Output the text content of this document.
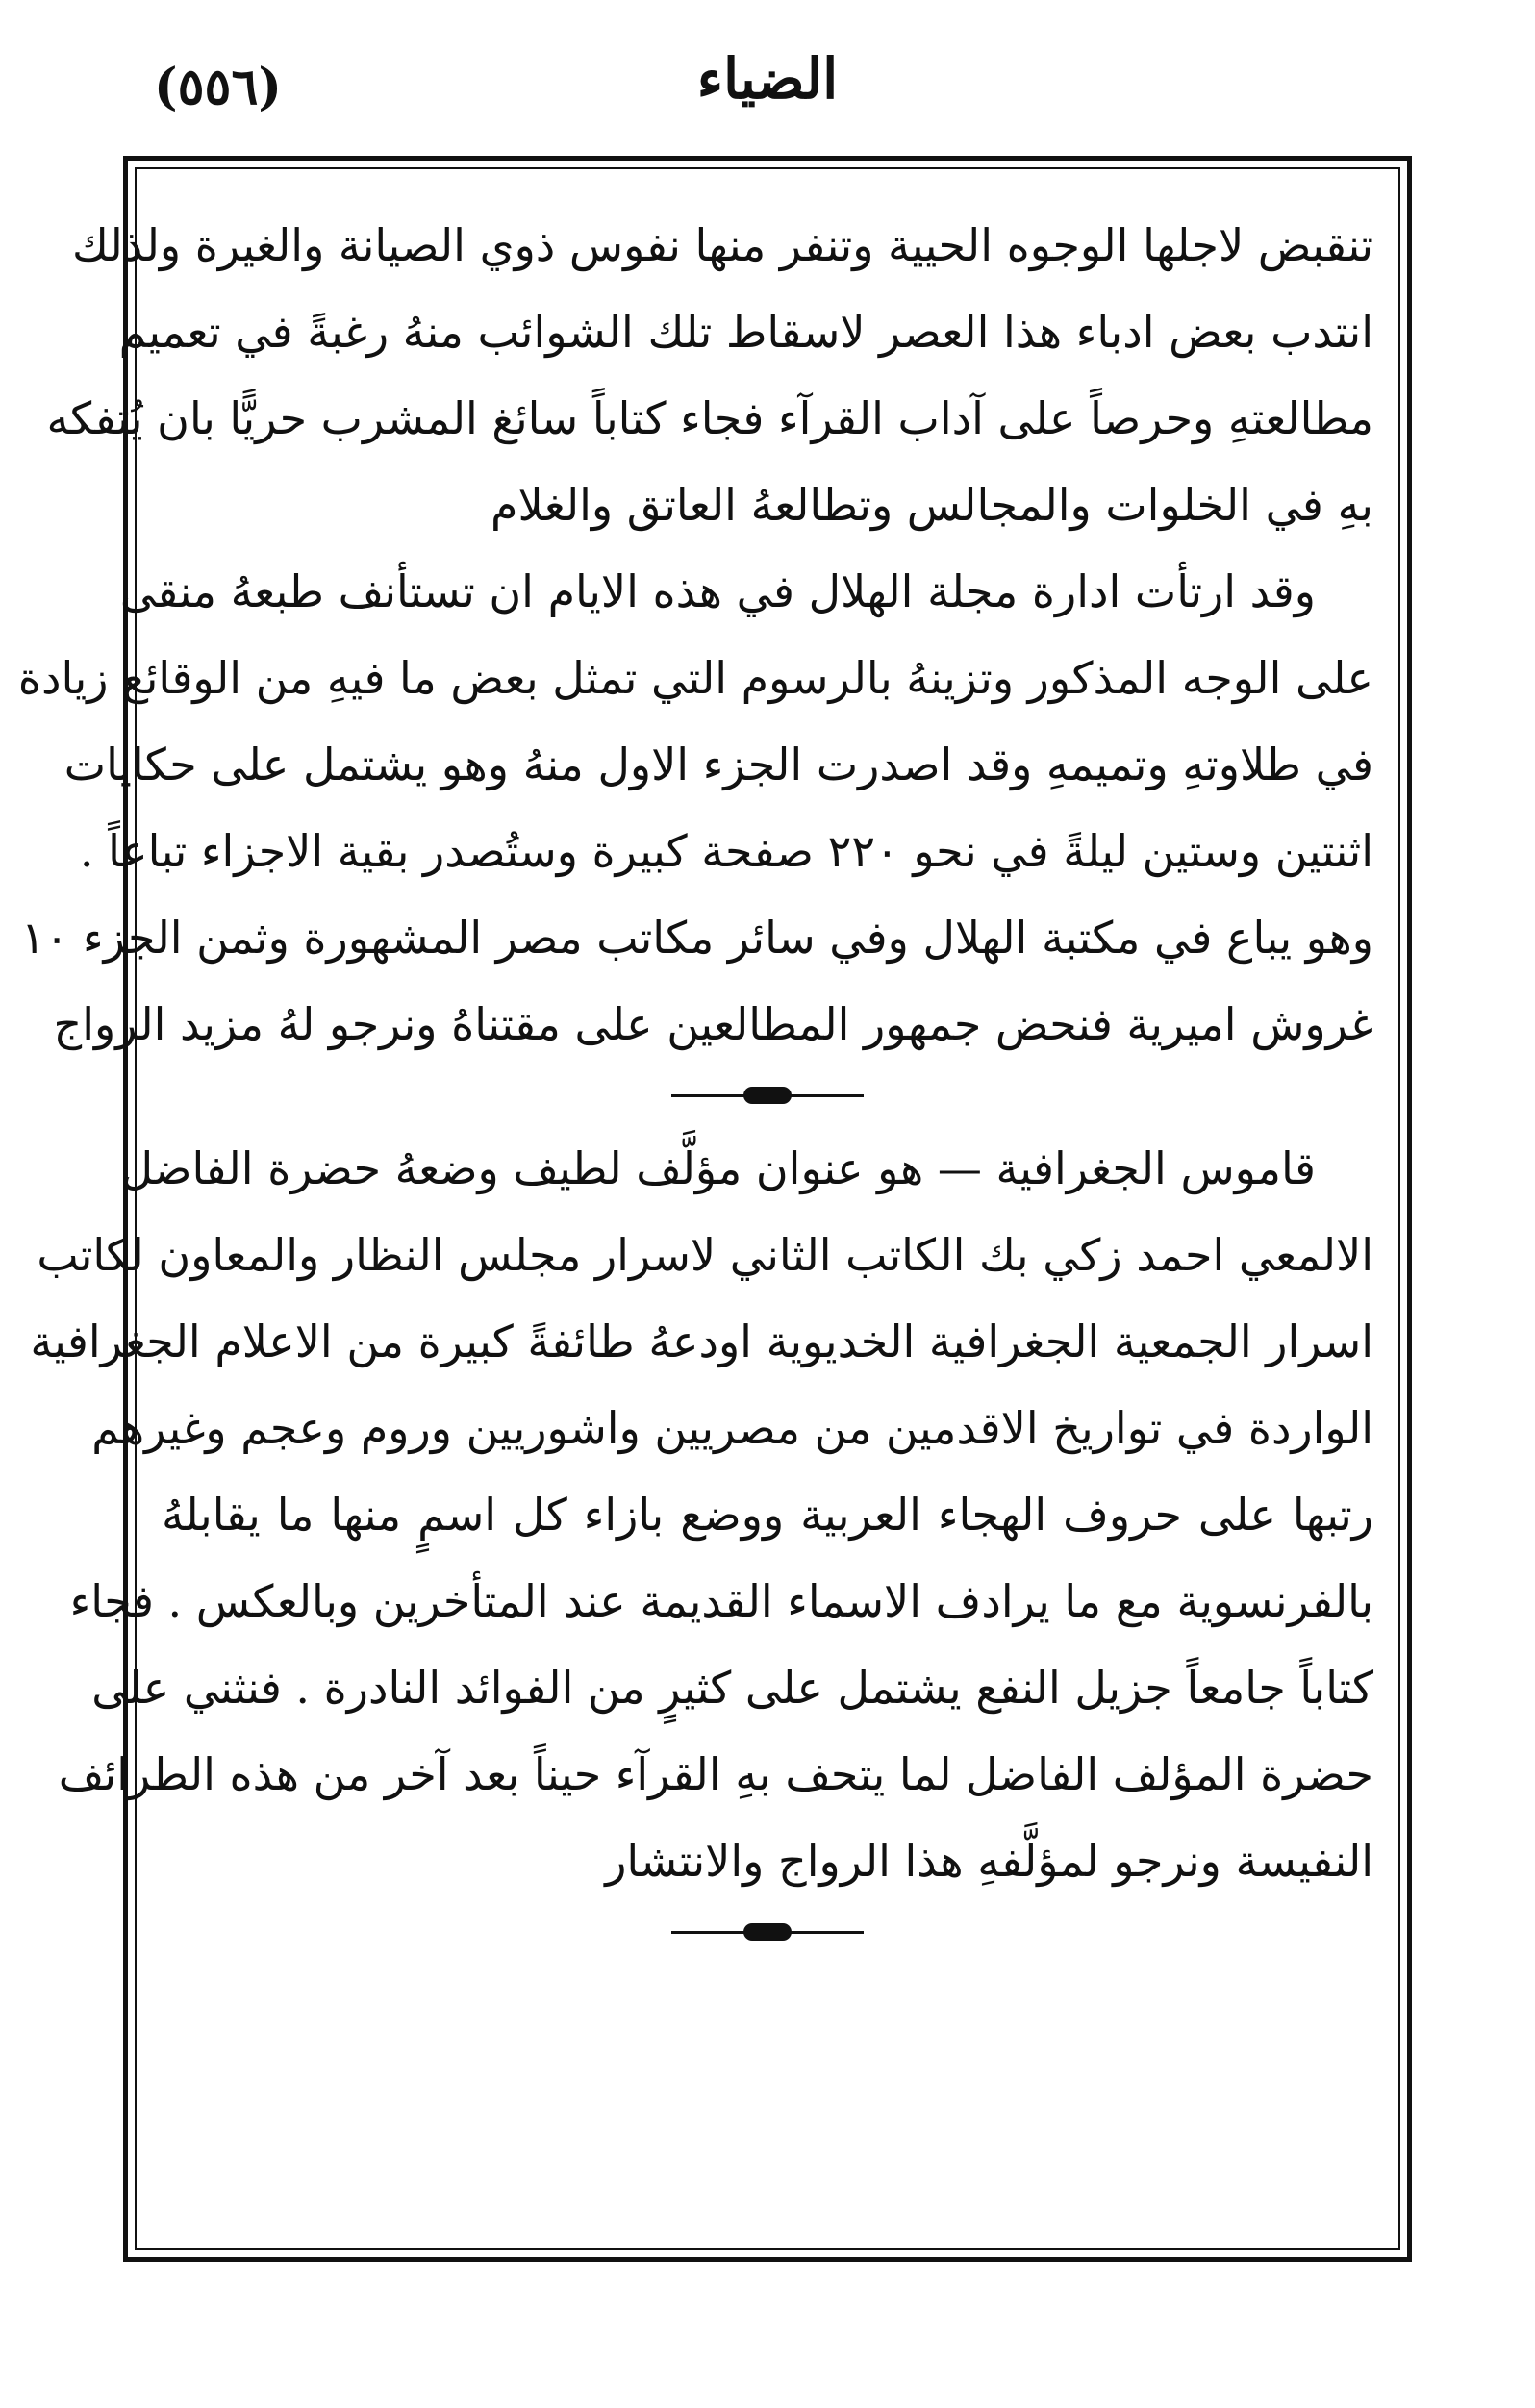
(٥٥٦)	الضياء
تنقبض لاجلها الوجوه الحيية وتنفر منها نفوس ذوي الصيانة والغيرة ولذلك
انتدب بعض ادباء هذا العصر لاسقاط تلك الشوائب منهُ رغبةً في تعميم
مطالعتهِ وحرصاً على آداب القرآء فجاء كتاباً سائغ المشرب حريًّا بان يُتفكه
بهِ في الخلوات والمجالس وتطالعهُ العاتق والغلام
وقد ارتأت ادارة مجلة الهلال في هذه الايام ان تستأنف طبعهُ منقى
على الوجه المذكور وتزينهُ بالرسوم التي تمثل بعض ما فيهِ من الوقائع زيادة
في طلاوتهِ وتميمهِ وقد اصدرت الجزء الاول منهُ وهو يشتمل على حكايات
اثنتين وستين ليلةً في نحو ٢٢٠ صفحة كبيرة وستُصدر بقية الاجزاء تباعاً .
وهو يباع في مكتبة الهلال وفي سائر مكاتب مصر المشهورة وثمن الجزء ١٠
غروش اميرية فنحض جمهور المطالعين على مقتناهُ ونرجو لهُ مزيد الرواج
قاموس الجغرافية — هو عنوان مؤلَّف لطيف وضعهُ حضرة الفاضل
الالمعي احمد زكي بك الكاتب الثاني لاسرار مجلس النظار والمعاون لكاتب
اسرار الجمعية الجغرافية الخديوية اودعهُ طائفةً كبيرة من الاعلام الجغرافية
الواردة في تواريخ الاقدمين من مصريين واشوريين وروم وعجم وغيرهم
رتبها على حروف الهجاء العربية ووضع بازاء كل اسمٍ منها ما يقابلهُ
بالفرنسوية مع ما يرادف الاسماء القديمة عند المتأخرين وبالعكس . فجاء
كتاباً جامعاً جزيل النفع يشتمل على كثيرٍ من الفوائد النادرة . فنثني على
حضرة المؤلف الفاضل لما يتحف بهِ القرآء حيناً بعد آخر من هذه الطرائف
النفيسة ونرجو لمؤلَّفهِ هذا الرواج والانتشار
